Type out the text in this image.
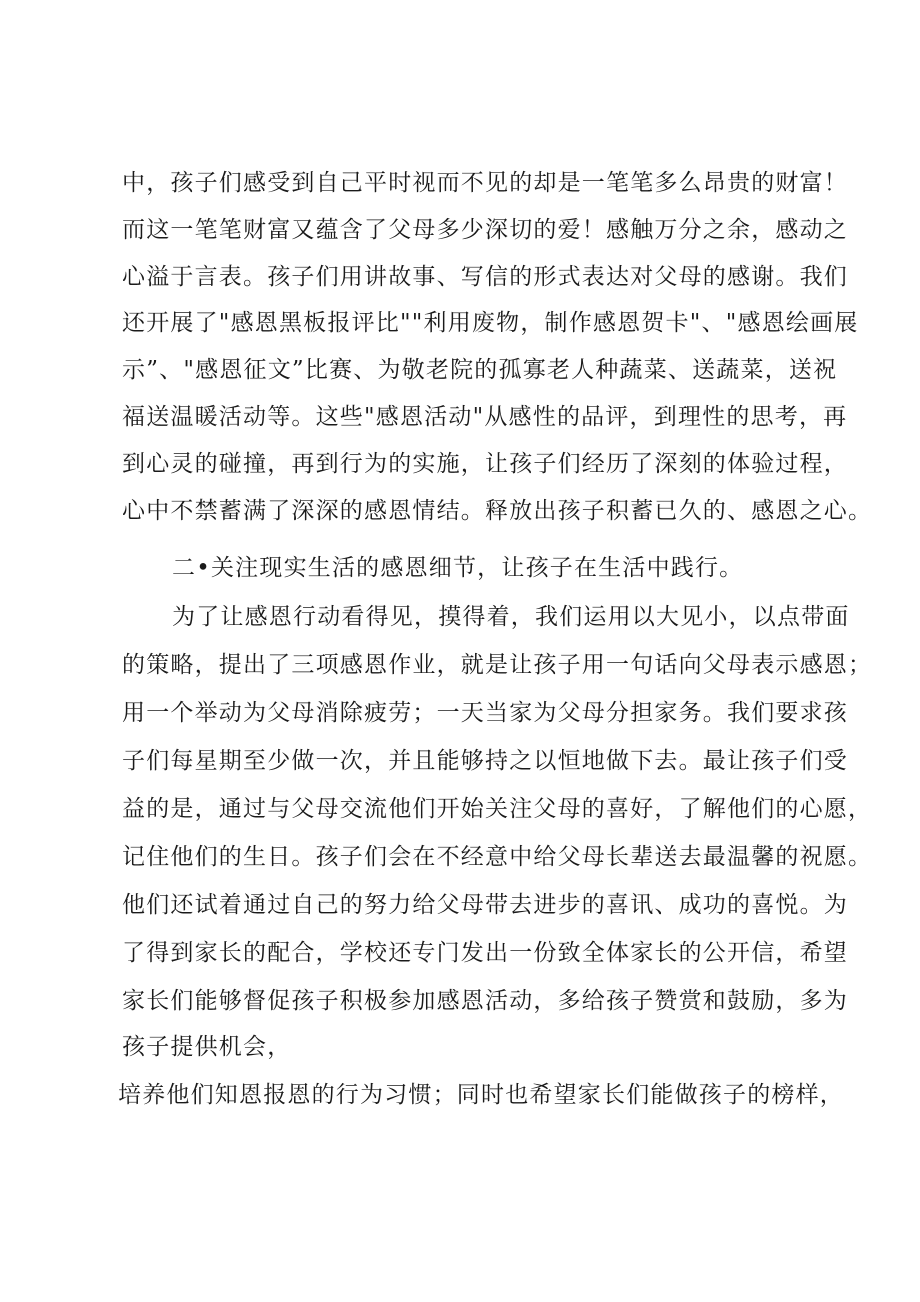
中，孩子们感受到自己平时视而不见的却是一笔笔多么昂贵的财富！
而这一笔笔财富又蕴含了父母多少深切的爱！感触万分之余，感动之
心溢于言表。孩子们用讲故事、写信的形式表达对父母的感谢。我们
还开展了"感恩黑板报评比""利用废物，制作感恩贺卡"、"感恩绘画展
示”、"感恩征文”比赛、为敬老院的孤寡老人种蔬菜、送蔬菜，送祝
福送温暖活动等。这些"感恩活动"从感性的品评，到理性的思考，再
到心灵的碰撞，再到行为的实施，让孩子们经历了深刻的体验过程，
心中不禁蓄满了深深的感恩情结。释放出孩子积蓄已久的、感恩之心。
二•关注现实生活的感恩细节，让孩子在生活中践行。
为了让感恩行动看得见，摸得着，我们运用以大见小，以点带面
的策略，提出了三项感恩作业，就是让孩子用一句话向父母表示感恩；
用一个举动为父母消除疲劳；一天当家为父母分担家务。我们要求孩
子们每星期至少做一次，并且能够持之以恒地做下去。最让孩子们受
益的是，通过与父母交流他们开始关注父母的喜好，了解他们的心愿，
记住他们的生日。孩子们会在不经意中给父母长辈送去最温馨的祝愿。
他们还试着通过自己的努力给父母带去进步的喜讯、成功的喜悦。为
了得到家长的配合，学校还专门发出一份致全体家长的公开信，希望
家长们能够督促孩子积极参加感恩活动，多给孩子赞赏和鼓励，多为
孩子提供机会，
培养他们知恩报恩的行为习惯；同时也希望家长们能做孩子的榜样，
